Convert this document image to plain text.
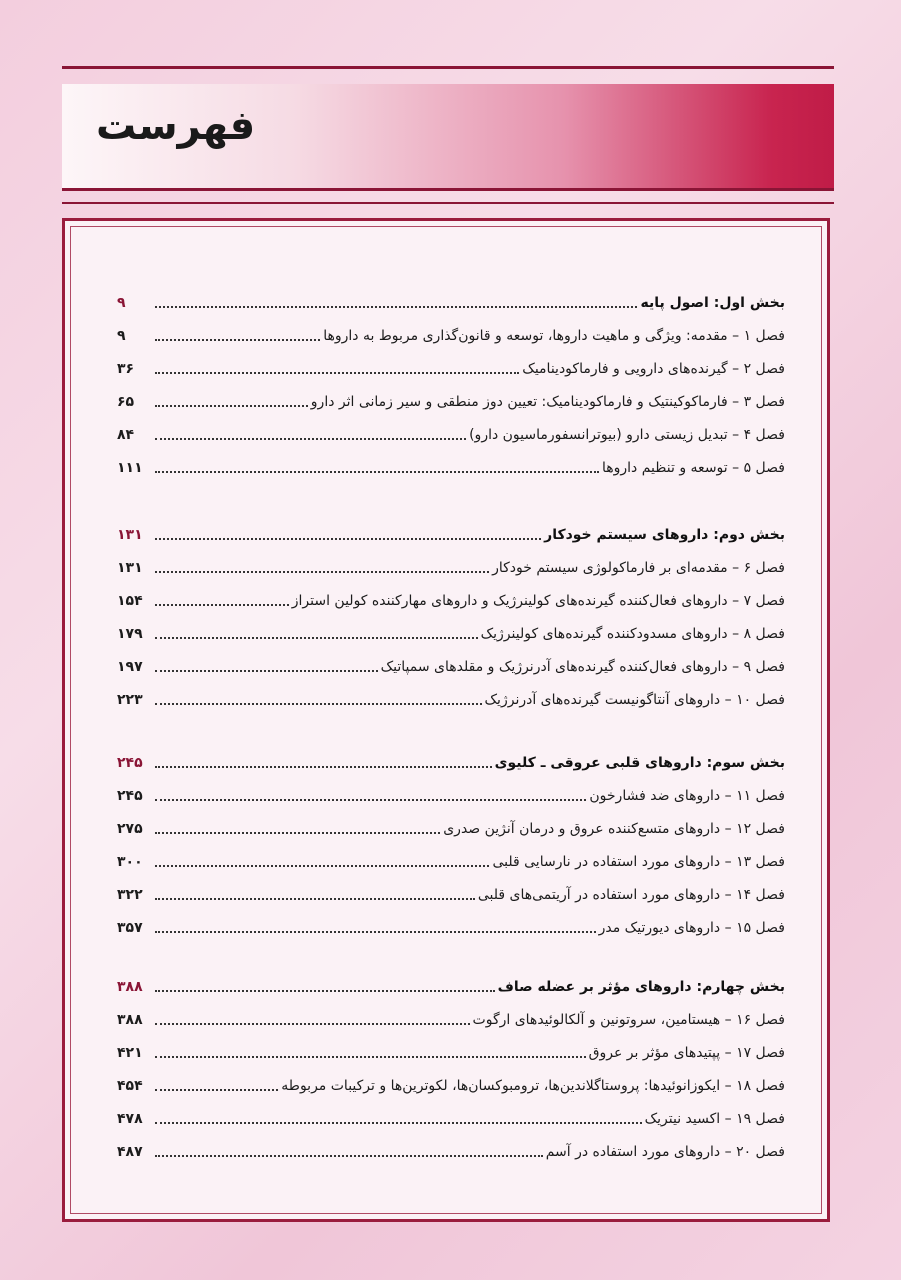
فهرست
بخش اول: اصول پایه
۹
فصل ۱ – مقدمه: ویژگی و ماهیت داروها، توسعه و قانون‌گذاری مربوط به داروها
۹
فصل ۲ – گیرنده‌های دارویی و فارماکودینامیک
۳۶
فصل ۳ – فارماکوکینتیک و فارماکودینامیک: تعیین دوز منطقی و سیر زمانی اثر دارو
۶۵
فصل ۴ – تبدیل زیستی دارو (بیوترانسفورماسیون دارو)
۸۴
فصل ۵ – توسعه و تنظیم داروها
۱۱۱
بخش دوم: داروهای سیستم خودکار
۱۳۱
فصل ۶ – مقدمه‌ای بر فارماکولوژی سیستم خودکار
۱۳۱
فصل ۷ – داروهای فعال‌کننده گیرنده‌های کولینرژیک و داروهای مهارکننده کولین استراز
۱۵۴
فصل ۸ – داروهای مسدودکننده گیرنده‌های کولینرژیک
۱۷۹
فصل ۹ – داروهای فعال‌کننده گیرنده‌های آدرنرژیک و مقلدهای سمپاتیک
۱۹۷
فصل ۱۰ – داروهای آنتاگونیست گیرنده‌های آدرنرژیک
۲۲۳
بخش سوم: داروهای قلبی عروقی ـ کلیوی
۲۴۵
فصل ۱۱ – داروهای ضد فشارخون
۲۴۵
فصل ۱۲ – داروهای متسع‌کننده عروق و درمان آنژین صدری
۲۷۵
فصل ۱۳ – داروهای مورد استفاده در نارسایی قلبی
۳۰۰
فصل ۱۴ – داروهای مورد استفاده در آریتمی‌های قلبی
۳۲۲
فصل ۱۵ – داروهای دیورتیک مدر
۳۵۷
بخش چهارم: داروهای مؤثر بر عضله صاف
۳۸۸
فصل ۱۶ – هیستامین، سروتونین و آلکالوئیدهای ارگوت
۳۸۸
فصل ۱۷ – پپتیدهای مؤثر بر عروق
۴۲۱
فصل ۱۸ – ایکوزانوئیدها: پروستاگلاندین‌ها، ترومبوکسان‌ها، لکوترین‌ها و ترکیبات مربوطه
۴۵۴
فصل ۱۹ – اکسید نیتریک
۴۷۸
فصل ۲۰ – داروهای مورد استفاده در آسم
۴۸۷
